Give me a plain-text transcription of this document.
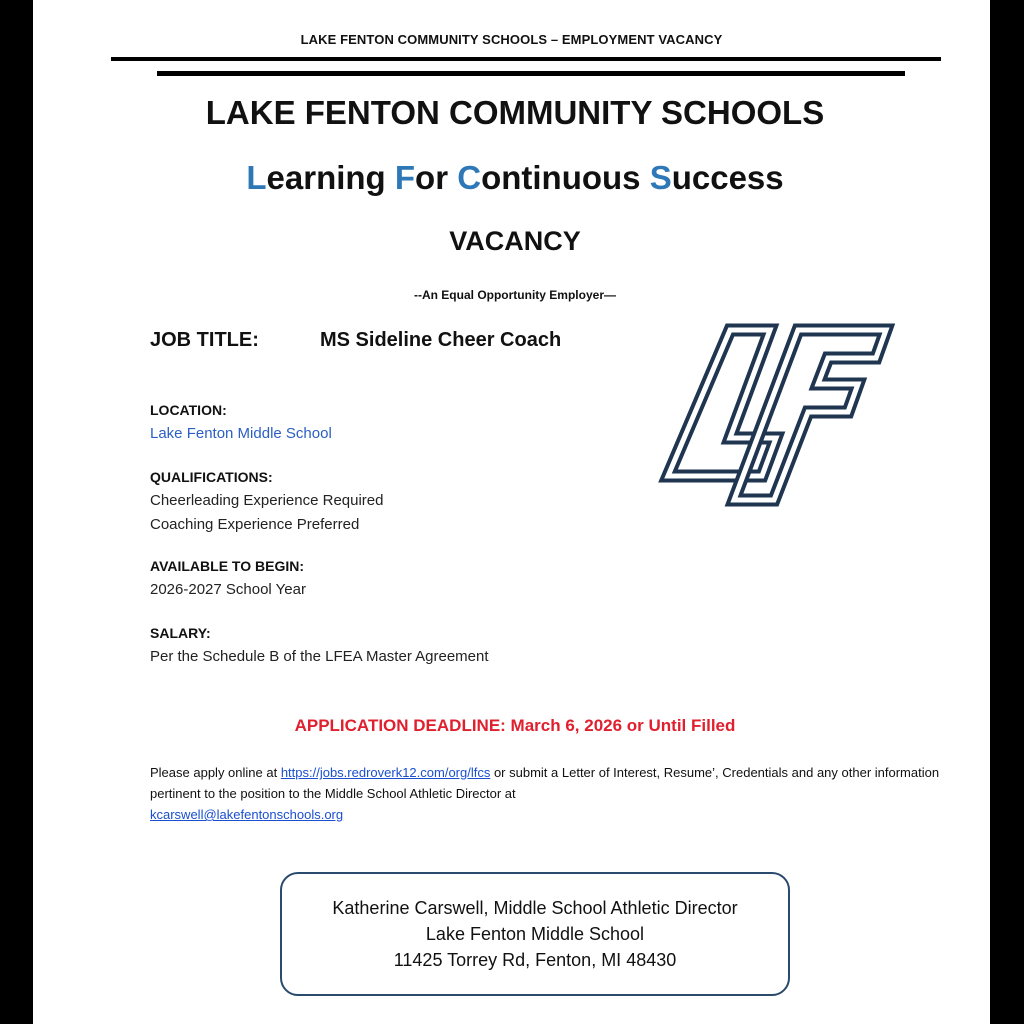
LAKE FENTON COMMUNITY SCHOOLS – EMPLOYMENT VACANCY
LAKE FENTON COMMUNITY SCHOOLS
Learning For Continuous Success
VACANCY
--An Equal Opportunity Employer—
JOB TITLE:	MS Sideline Cheer Coach
LOCATION:
Lake Fenton Middle School
QUALIFICATIONS:
Cheerleading Experience Required
Coaching Experience Preferred
AVAILABLE TO BEGIN:
2026-2027 School Year
SALARY:
Per the Schedule B of the LFEA Master Agreement
APPLICATION DEADLINE: March 6, 2026 or Until Filled
Please apply online at https://jobs.redroverk12.com/org/lfcs or submit a Letter of Interest, Resume’, Credentials and any other information pertinent to the position to the Middle School Athletic Director at
kcarswell@lakefentonschools.org
Katherine Carswell, Middle School Athletic Director
Lake Fenton Middle School
11425 Torrey Rd, Fenton, MI 48430
